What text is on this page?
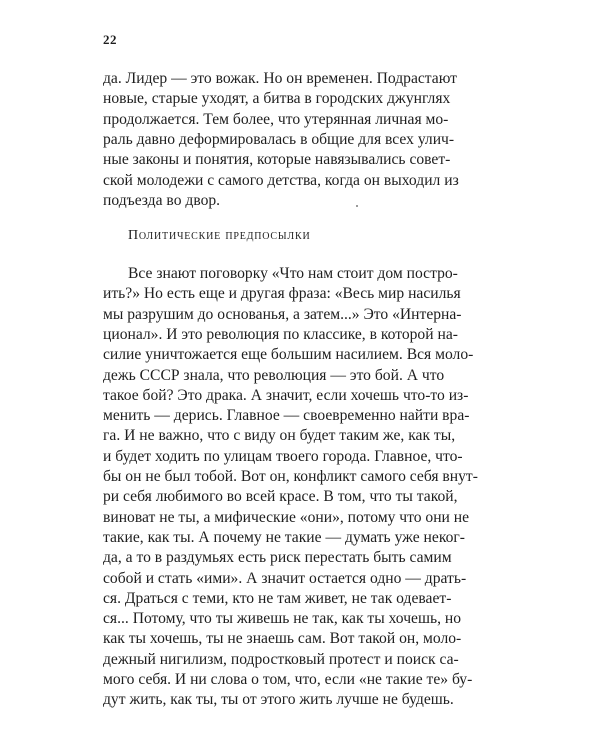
22
да. Лидер — это вожак. Но он временен. Подрастают
новые, старые уходят, а битва в городских джунглях
продолжается. Тем более, что утерянная личная мо-
раль давно деформировалась в общие для всех улич-
ные законы и понятия, которые навязывались совет-
ской молодежи с самого детства, когда он выходил из
подъезда во двор.
Политические предпосылки
Все знают поговорку «Что нам стоит дом постро-
ить?» Но есть еще и другая фраза: «Весь мир насилья
мы разрушим до основанья, а затем...» Это «Интерна-
ционал». И это революция по классике, в которой на-
силие уничтожается еще большим насилием. Вся моло-
дежь СССР знала, что революция — это бой. А что
такое бой? Это драка. А значит, если хочешь что-то из-
менить — дерись. Главное — своевременно найти вра-
га. И не важно, что с виду он будет таким же, как ты,
и будет ходить по улицам твоего города. Главное, что-
бы он не был тобой. Вот он, конфликт самого себя внут-
ри себя любимого во всей красе. В том, что ты такой,
виноват не ты, а мифические «они», потому что они не
такие, как ты. А почему не такие — думать уже неког-
да, а то в раздумьях есть риск перестать быть самим
собой и стать «ими». А значит остается одно — драть-
ся. Драться с теми, кто не там живет, не так одевает-
ся... Потому, что ты живешь не так, как ты хочешь, но
как ты хочешь, ты не знаешь сам. Вот такой он, моло-
дежный нигилизм, подростковый протест и поиск са-
мого себя. И ни слова о том, что, если «не такие те» бу-
дут жить, как ты, ты от этого жить лучше не будешь.
